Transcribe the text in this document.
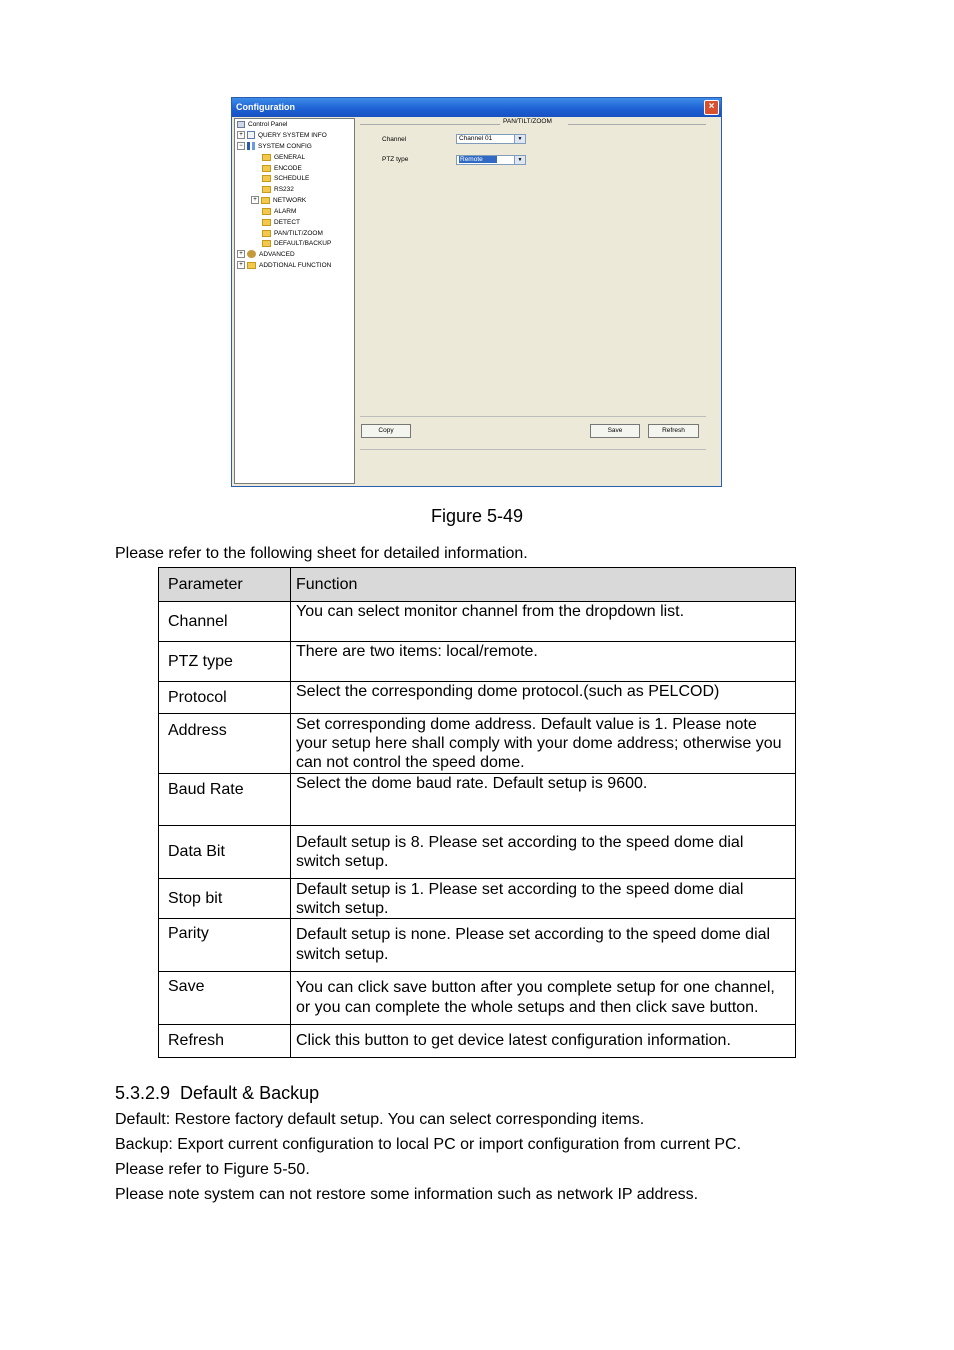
Configuration	×
Control Panel
+ QUERY SYSTEM INFO
− SYSTEM CONFIG
GENERAL
ENCODE
SCHEDULE
RS232
+	NETWORK
ALARM
DETECT
PAN/TILT/ZOOM
DEFAULT/BACKUP
+	ADVANCED
+	ADDTIONAL FUNCTION
PAN/TILT/ZOOM
Channel	Channel 01	▼
PTZ type	Remote	▼
Copy	Save	Refresh
Figure 5-49
Please refer to the following sheet for detailed information.
Parameter	Function
Channel	You can select monitor channel from the dropdown list.
PTZ type	There are two items: local/remote.
Protocol	Select the corresponding dome protocol.(such as PELCOD)
Address	Set corresponding dome address. Default value is 1. Please note your setup here shall comply with your dome address; otherwise you can not control the speed dome.
Baud Rate	Select the dome baud rate. Default setup is 9600.
Data Bit	Default setup is 8. Please set according to the speed dome dial switch setup.
Stop bit	Default setup is 1. Please set according to the speed dome dial switch setup.
Parity	Default setup is none. Please set according to the speed dome dial switch setup.
Save	You can click save button after you complete setup for one channel, or you can complete the whole setups and then click save button.
Refresh	Click this button to get device latest configuration information.
5.3.2.9  Default & Backup
Default: Restore factory default setup. You can select corresponding items.
Backup: Export current configuration to local PC or import configuration from current PC.
Please refer to Figure 5-50.
Please note system can not restore some information such as network IP address.
